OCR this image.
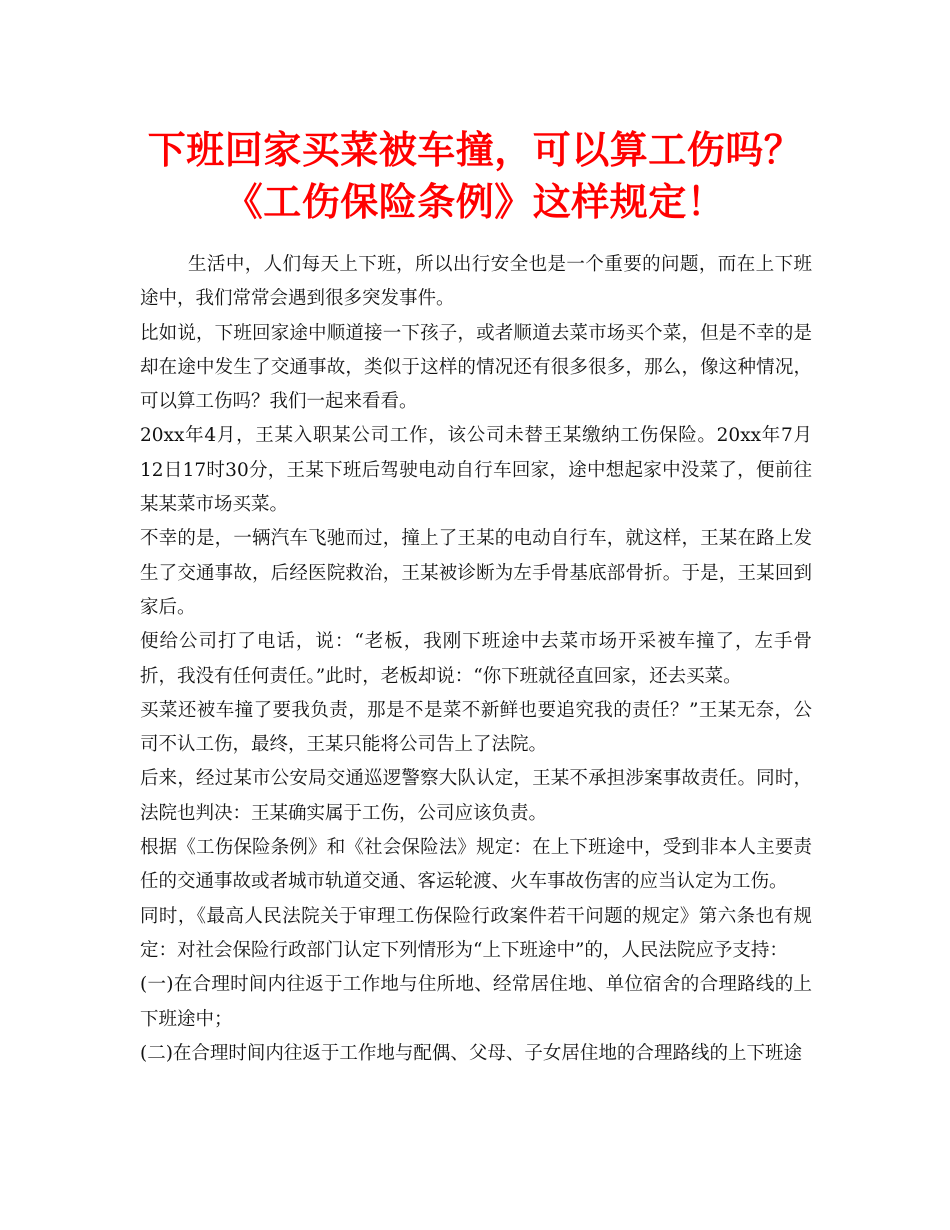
下班回家买菜被车撞，可以算工伤吗？《工伤保险条例》这样规定！

生活中，人们每天上下班，所以出行安全也是一个重要的问题，而在上下班途中，我们常常会遇到很多突发事件。

比如说，下班回家途中顺道接一下孩子，或者顺道去菜市场买个菜，但是不幸的是却在途中发生了交通事故，类似于这样的情况还有很多很多，那么，像这种情况，可以算工伤吗？我们一起来看看。

20xx年4月，王某入职某公司工作，该公司未替王某缴纳工伤保险。20xx年7月12日17时30分，王某下班后驾驶电动自行车回家，途中想起家中没菜了，便前往某某菜市场买菜。

不幸的是，一辆汽车飞驰而过，撞上了王某的电动自行车，就这样，王某在路上发生了交通事故，后经医院救治，王某被诊断为左手骨基底部骨折。于是，王某回到家后。

便给公司打了电话，说：“老板，我刚下班途中去菜市场开采被车撞了，左手骨折，我没有任何责任。”此时，老板却说：“你下班就径直回家，还去买菜。

买菜还被车撞了要我负责，那是不是菜不新鲜也要追究我的责任？”王某无奈，公司不认工伤，最终，王某只能将公司告上了法院。

后来，经过某市公安局交通巡逻警察大队认定，王某不承担涉案事故责任。同时，法院也判决：王某确实属于工伤，公司应该负责。

根据《工伤保险条例》和《社会保险法》规定：在上下班途中，受到非本人主要责任的交通事故或者城市轨道交通、客运轮渡、火车事故伤害的应当认定为工伤。

同时，《最高人民法院关于审理工伤保险行政案件若干问题的规定》第六条也有规定：对社会保险行政部门认定下列情形为“上下班途中”的，人民法院应予支持：

(一)在合理时间内往返于工作地与住所地、经常居住地、单位宿舍的合理路线的上下班途中；

(二)在合理时间内往返于工作地与配偶、父母、子女居住地的合理路线的上下班途
